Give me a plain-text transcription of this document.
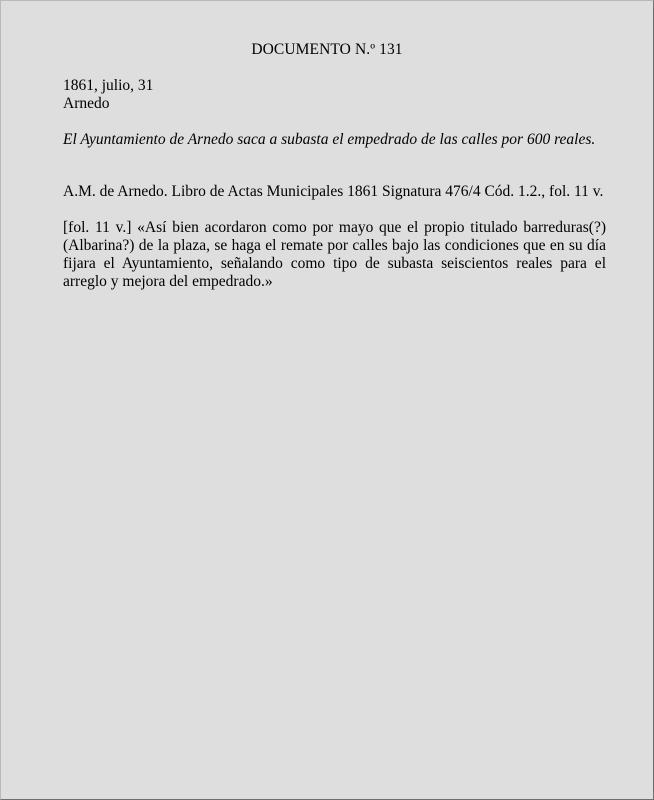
DOCUMENTO N.º 131
1861, julio, 31
Arnedo
El Ayuntamiento de Arnedo saca a subasta el empedrado de las calles por 600 reales.
A.M. de Arnedo. Libro de Actas Municipales 1861 Signatura 476/4 Cód. 1.2., fol. 11 v.

[fol. 11 v.] «Así bien acordaron como por mayo que el propio titulado barreduras(?)(Albarina?) de la plaza, se haga el remate por calles bajo las condiciones que en su día fijara el Ayuntamiento, señalando como tipo de subasta seiscientos reales para el arreglo y mejora del empedrado.»
